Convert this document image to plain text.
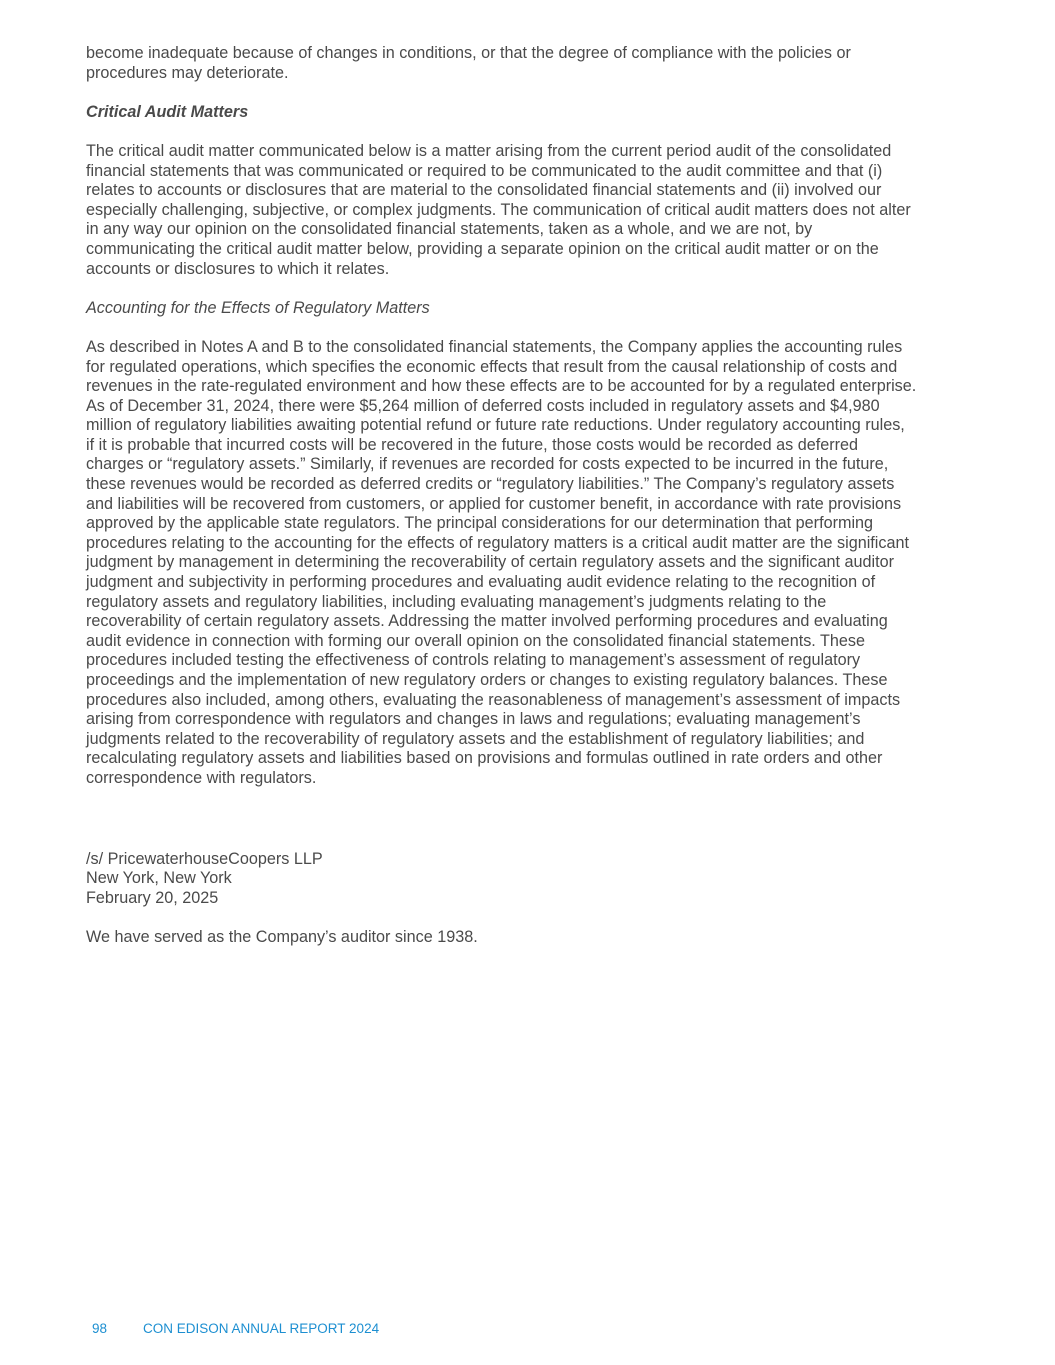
become inadequate because of changes in conditions, or that the degree of compliance with the policies or
procedures may deteriorate.

Critical Audit Matters

The critical audit matter communicated below is a matter arising from the current period audit of the consolidated
financial statements that was communicated or required to be communicated to the audit committee and that (i)
relates to accounts or disclosures that are material to the consolidated financial statements and (ii) involved our
especially challenging, subjective, or complex judgments. The communication of critical audit matters does not alter
in any way our opinion on the consolidated financial statements, taken as a whole, and we are not, by
communicating the critical audit matter below, providing a separate opinion on the critical audit matter or on the
accounts or disclosures to which it relates.

Accounting for the Effects of Regulatory Matters

As described in Notes A and B to the consolidated financial statements, the Company applies the accounting rules
for regulated operations, which specifies the economic effects that result from the causal relationship of costs and
revenues in the rate-regulated environment and how these effects are to be accounted for by a regulated enterprise.
As of December 31, 2024, there were $5,264 million of deferred costs included in regulatory assets and $4,980
million of regulatory liabilities awaiting potential refund or future rate reductions. Under regulatory accounting rules,
if it is probable that incurred costs will be recovered in the future, those costs would be recorded as deferred
charges or “regulatory assets.” Similarly, if revenues are recorded for costs expected to be incurred in the future,
these revenues would be recorded as deferred credits or “regulatory liabilities.” The Company’s regulatory assets
and liabilities will be recovered from customers, or applied for customer benefit, in accordance with rate provisions
approved by the applicable state regulators. The principal considerations for our determination that performing
procedures relating to the accounting for the effects of regulatory matters is a critical audit matter are the significant
judgment by management in determining the recoverability of certain regulatory assets and the significant auditor
judgment and subjectivity in performing procedures and evaluating audit evidence relating to the recognition of
regulatory assets and regulatory liabilities, including evaluating management’s judgments relating to the
recoverability of certain regulatory assets. Addressing the matter involved performing procedures and evaluating
audit evidence in connection with forming our overall opinion on the consolidated financial statements. These
procedures included testing the effectiveness of controls relating to management’s assessment of regulatory
proceedings and the implementation of new regulatory orders or changes to existing regulatory balances. These
procedures also included, among others, evaluating the reasonableness of management’s assessment of impacts
arising from correspondence with regulators and changes in laws and regulations; evaluating management’s
judgments related to the recoverability of regulatory assets and the establishment of regulatory liabilities; and
recalculating regulatory assets and liabilities based on provisions and formulas outlined in rate orders and other
correspondence with regulators.

/s/ PricewaterhouseCoopers LLP
New York, New York
February 20, 2025
We have served as the Company’s auditor since 1938.
98	CON EDISON ANNUAL REPORT 2024
